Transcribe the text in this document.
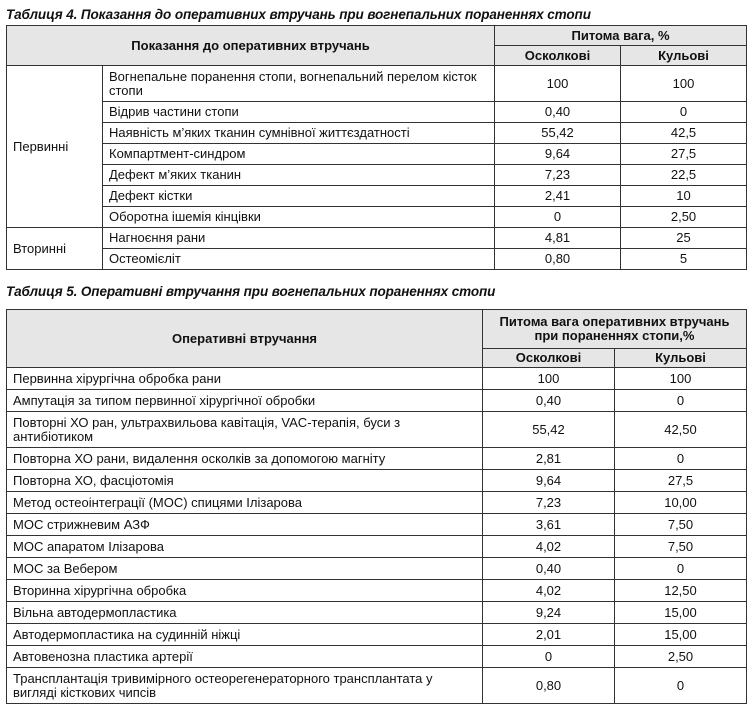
Таблиця 4. Показання до оперативних втручань при вогнепальних пораненнях стопи
Показання до оперативних втручань		Питома вага, %	
		Осколкові	Кульові
Первинні	Вогнепальне поранення стопи, вогнепальний перелом кісток стопи	100	100
	Відрив частини стопи	0,40	0
	Наявність м’яких тканин сумнівної життєздатності	55,42	42,5
	Компартмент-синдром	9,64	27,5
	Дефект м’яких тканин	7,23	22,5
	Дефект кістки	2,41	10
	Оборотна ішемія кінцівки	0	2,50
Вторинні	Нагноєння рани	4,81	25
	Остеомієліт	0,80	5
Таблиця 5. Оперативні втручання при вогнепальних пораненнях стопи
Оперативні втручання	Питома вага оперативних втручань при пораненнях стопи,%	
	Осколкові	Кульові
Первинна хірургічна обробка рани	100	100
Ампутація за типом первинної хірургічної обробки	0,40	0
Повторні ХО ран, ультрахвильова кавітація, VAC-терапія, буси з антибіотиком	55,42	42,50
Повторна ХО рани, видалення осколків за допомогою магніту	2,81	0
Повторна ХО, фасціотомія	9,64	27,5
Метод остеоінтеграції (МОС) спицями Ілізарова	7,23	10,00
МОС стрижневим АЗФ	3,61	7,50
МОС апаратом Ілізарова	4,02	7,50
МОС за Вебером	0,40	0
Вторинна хірургічна обробка	4,02	12,50
Вільна автодермопластика	9,24	15,00
Автодермопластика на судинній ніжці	2,01	15,00
Автовенозна пластика артерії	0	2,50
Трансплантація тривимірного остеорегенераторного трансплантата у вигляді кісткових чипсів	0,80	0
